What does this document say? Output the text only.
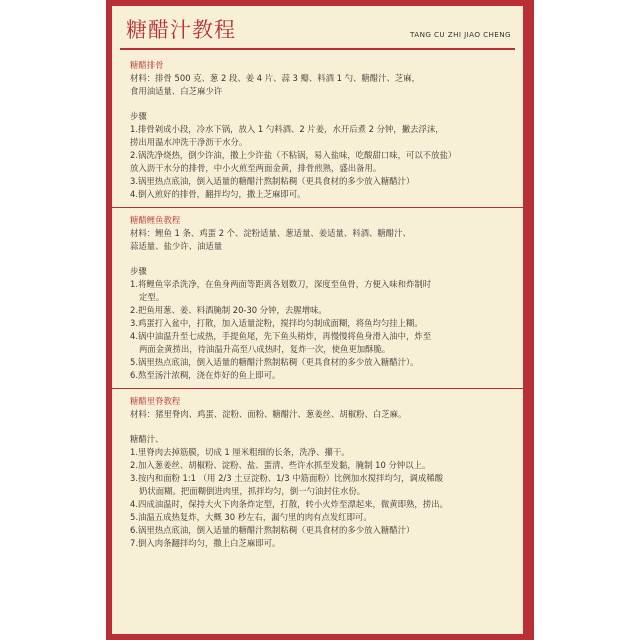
糖醋汁教程	TANG CU ZHI JIAO CHENG

糖醋排骨

材料：排骨 500 克、葱 2 段、姜 4 片、蒜 3 瓣、料酒 1 勺、糖醋汁、芝麻，

食用油适量、白芝麻少许

步骤

1.排骨剁成小段，冷水下锅，放入 1 勺料酒、2 片姜，水开后煮 2 分钟，撇去浮沫，

捞出用温水冲洗干净沥干水分。

2.锅洗净烧热，倒少许油，撒上少许盐（不粘锅，易入盐味，吃酸甜口味，可以不放盐）

放入沥干水分的排骨，中小火煎至两面金黄，排骨煎熟，盛出备用。

3.锅里热点底油，倒入适量的糖醋汁熬制粘稠（更具食材的多少放入糖醋汁）

4.倒入煎好的排骨，翻拌均匀，撒上芝麻即可。

糖醋鲤鱼教程

材料：鲤鱼 1 条、鸡蛋 2 个、淀粉适量、葱适量、姜适量、料酒、糖醋汁、

蒜适量、盐少许、油适量

步骤

1.将鲤鱼宰杀洗净，在鱼身两面等距离各划数刀，深度至鱼骨，方便入味和炸制时

定型。

2.把鱼用葱、姜、料酒腌制 20-30 分钟，去腥增味。

3.鸡蛋打入盆中，打散，加入适量淀粉，搅拌均匀制成面糊，将鱼均匀挂上糊。

4.锅中油温升至七成热，手提鱼尾，先下鱼头稍炸，再慢慢将鱼身滑入油中，炸至

两面金黄捞出，待油温升高至八成热时，复炸一次，使鱼更加酥脆。

5.锅里热点底油，倒入适量的糖醋汁熬制粘稠（更具食材的多少放入糖醋汁）。

6.熬至汤汁浓稠，浇在炸好的鱼上即可。

糖醋里脊教程

材料：猪里脊肉、鸡蛋、淀粉、面粉、糖醋汁、葱姜丝、胡椒粉、白芝麻。

糖醋汁、

1.里脊肉去掉筋膜，切成 1 厘米粗细的长条，洗净、攥干。

2.加入葱姜丝、胡椒粉、淀粉、盐、蛋清、些许水抓至发黏，腌制 10 分钟以上。

3.按内和面粉 1:1 （用 2/3 土豆淀粉、1/3 中筋面粉）比例加水搅拌均匀，调成稀酸

奶状面糊。把面糊倒进肉里，抓拌均匀，倒一勺油封住水份。

4.四成油温时，保持大火下肉条炸定型，打散，转小火炸至漂起来，微黄即熟，捞出。

5.油温五成热复炸，大概 30 秒左右，漏勺里的肉有点发红即可。

6.锅里热点底油，倒入适量的糖醋汁熬制粘稠（更具食材的多少放入糖醋汁）

7.倒入肉条翻拌均匀，撒上白芝麻即可。
